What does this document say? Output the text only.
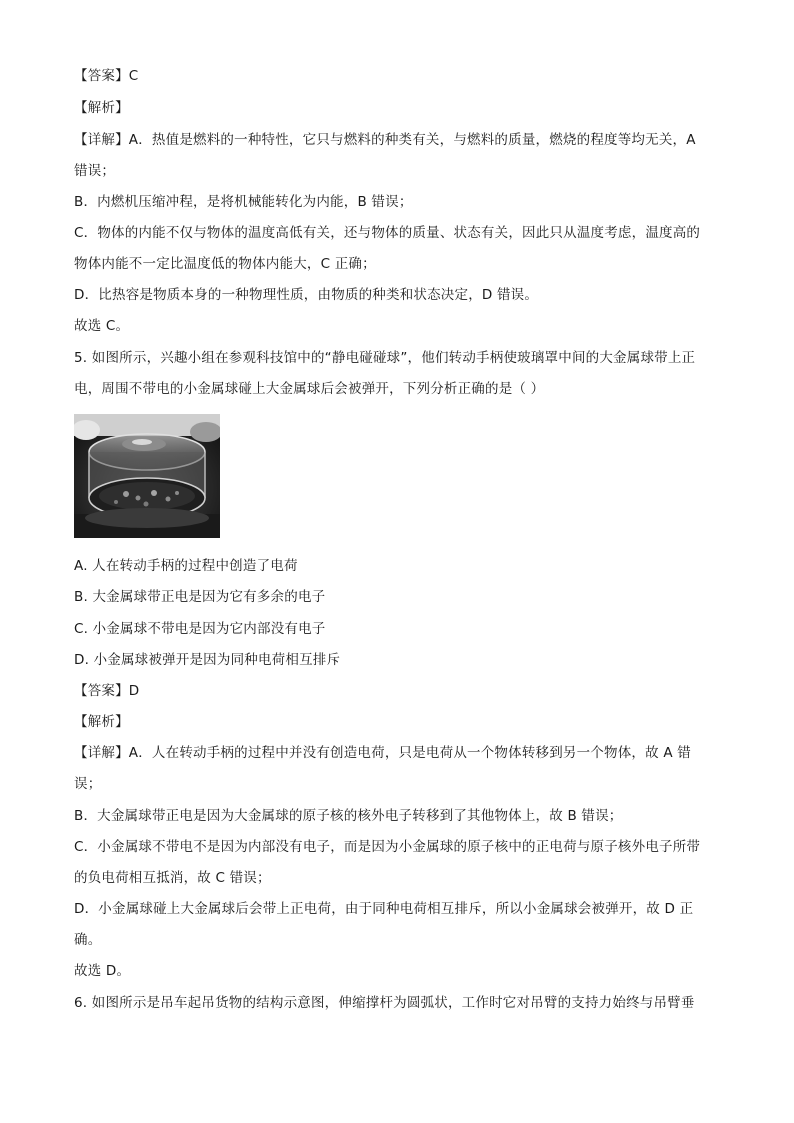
【答案】C
【解析】
【详解】A．热值是燃料的一种特性，它只与燃料的种类有关，与燃料的质量，燃烧的程度等均无关，A
错误；
B．内燃机压缩冲程，是将机械能转化为内能，B 错误；
C．物体的内能不仅与物体的温度高低有关，还与物体的质量、状态有关，因此只从温度考虑，温度高的
物体内能不一定比温度低的物体内能大，C 正确；
D．比热容是物质本身的一种物理性质，由物质的种类和状态决定，D 错误。
故选 C。
5. 如图所示，兴趣小组在参观科技馆中的“静电碰碰球”，他们转动手柄使玻璃罩中间的大金属球带上正
电，周围不带电的小金属球碰上大金属球后会被弹开，下列分析正确的是（ ）
A. 人在转动手柄的过程中创造了电荷
B. 大金属球带正电是因为它有多余的电子
C. 小金属球不带电是因为它内部没有电子
D. 小金属球被弹开是因为同种电荷相互排斥
【答案】D
【解析】
【详解】A．人在转动手柄的过程中并没有创造电荷，只是电荷从一个物体转移到另一个物体，故 A 错
误；
B．大金属球带正电是因为大金属球的原子核的核外电子转移到了其他物体上，故 B 错误；
C．小金属球不带电不是因为内部没有电子，而是因为小金属球的原子核中的正电荷与原子核外电子所带
的负电荷相互抵消，故 C 错误；
D．小金属球碰上大金属球后会带上正电荷，由于同种电荷相互排斥，所以小金属球会被弹开，故 D 正
确。
故选 D。
6. 如图所示是吊车起吊货物的结构示意图，伸缩撑杆为圆弧状，工作时它对吊臂的支持力始终与吊臂垂
